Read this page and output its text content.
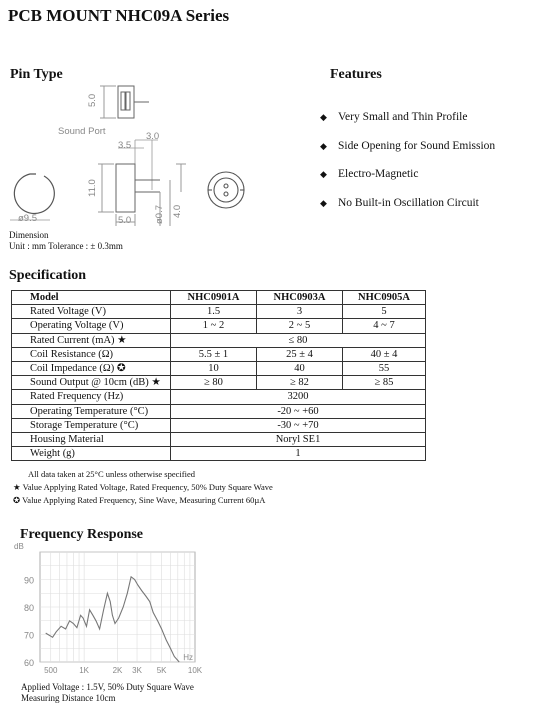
PCB MOUNT NHC09A Series
Pin Type
5.0
Sound Port	3.0
3.5
11.0
ø9.5	5.0 ø0.7 4.0
Dimension
Unit : mm Tolerance : ± 0.3mm
Features
◆ Very Small and Thin Profile
◆ Side Opening for Sound Emission
◆ Electro-Magnetic
◆ No Built-in Oscillation Circuit
Specification
Model	NHC0901A	NHC0903A	NHC0905A
Rated Voltage (V)	1.5	3	5
Operating Voltage (V)	1 ~ 2	2 ~ 5	4 ~ 7
Rated Current (mA) ★	≤ 80		
Coil Resistance (Ω)	5.5 ± 1	25 ± 4	40 ± 4
Coil Impedance (Ω) ✪	10	40	55
Sound Output @ 10cm (dB) ★	≥ 80	≥ 82	≥ 85
Rated Frequency (Hz)	3200		
Operating Temperature (°C)	-20 ~ +60		
Storage Temperature (°C)	-30 ~ +70		
Housing Material	Noryl SE1		
Weight (g)	1		
All data taken at 25°C unless otherwise specified
★ Value Applying Rated Voltage, Rated Frequency, 50% Duty Square Wave
✪ Value Applying Rated Frequency, Sine Wave, Measuring Current 60µA
Frequency Response
60
70
80
90
500	1K	2K 3K 5K	10K
dB
Hz
Applied Voltage : 1.5V, 50% Duty Square Wave
Measuring Distance 10cm
